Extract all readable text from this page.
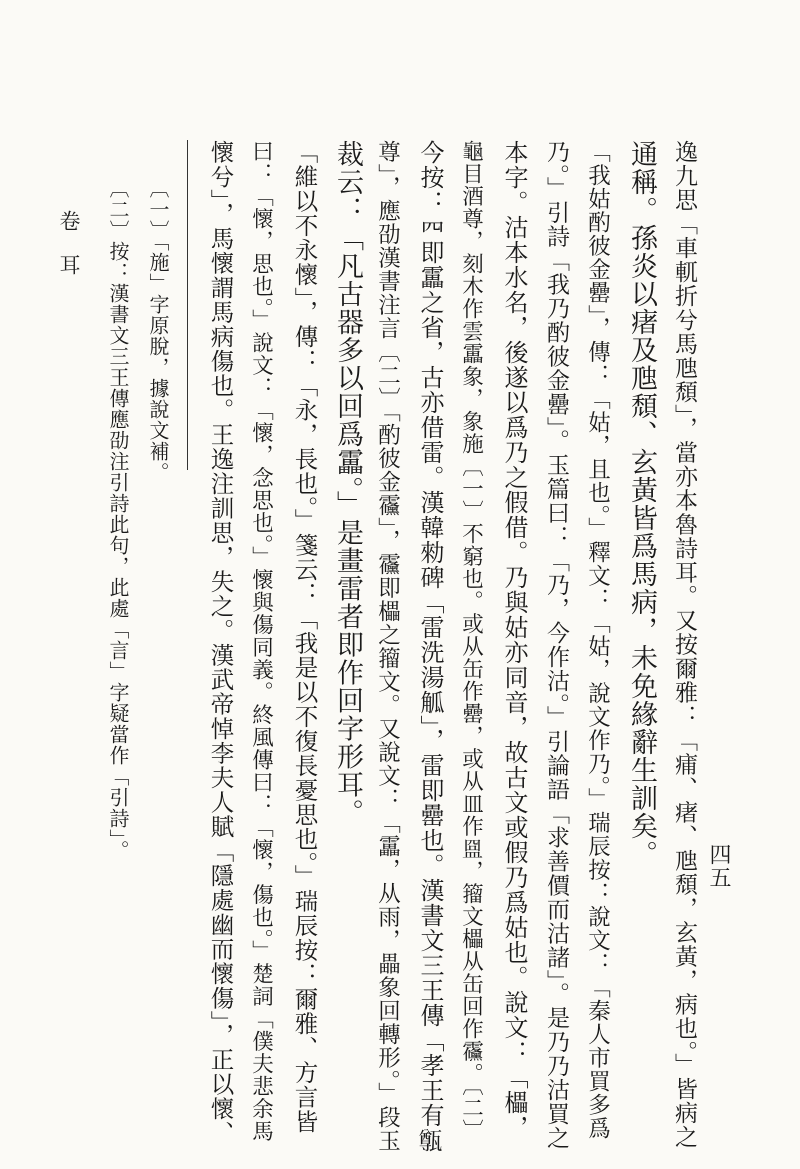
逸九思「車軏折兮馬虺頹」，當亦本魯詩耳。又按爾雅：「痡、瘏、虺頹，玄黃，病也。」皆病之
通稱。孫炎以瘏及虺頹、玄黃皆爲馬病，未免緣辭生訓矣。
「我姑酌彼金罍」，傳：「姑，且也。」釋文：「姑，說文作乃。」瑞辰按：說文：「秦人市買多爲
乃。」引詩「我乃酌彼金罍」。玉篇曰：「乃，今作沽。」引論語「求善價而沽諸」。是乃乃沽買之
本字。沽本水名，後遂以爲乃之假借。乃與姑亦同音，故古文或假乃爲姑也。說文：「櫑，
龜目酒尊，刻木作雲靁象，象施〔一〕不窮也。或从缶作罍，或从皿作𥁰，籀文櫑从缶回作䨹。〔二〕
今按：𦉪即靁之省，古亦借雷。漢韓勑碑「雷洗湯觚」，雷即罍也。漢書文三王傳「孝王有𤮐
尊」，應劭漢書注言〔二〕「酌彼金䨹」，䨹即櫑之籀文。又說文：「靁，从雨，畾象回轉形。」段玉
裁云：「凡古器多以回爲靁。」是畫雷者即作回字形耳。
「維以不永懷」，傳：「永，長也。」箋云：「我是以不復長憂思也。」瑞辰按：爾雅、方言皆
曰：「懷，思也。」說文：「懷，念思也。」懷與傷同義。終風傳曰：「懷，傷也。」楚詞「僕夫悲余馬
懷兮」，馬懷謂馬病傷也。王逸注訓思，失之。漢武帝悼李夫人賦「隱處幽而懷傷」，正以懷、
〔一〕「施」字原脫，據說文補。
〔二〕按：漢書文三王傳應劭注引詩此句，此處「言」字疑當作「引詩」。
卷　耳
四五
